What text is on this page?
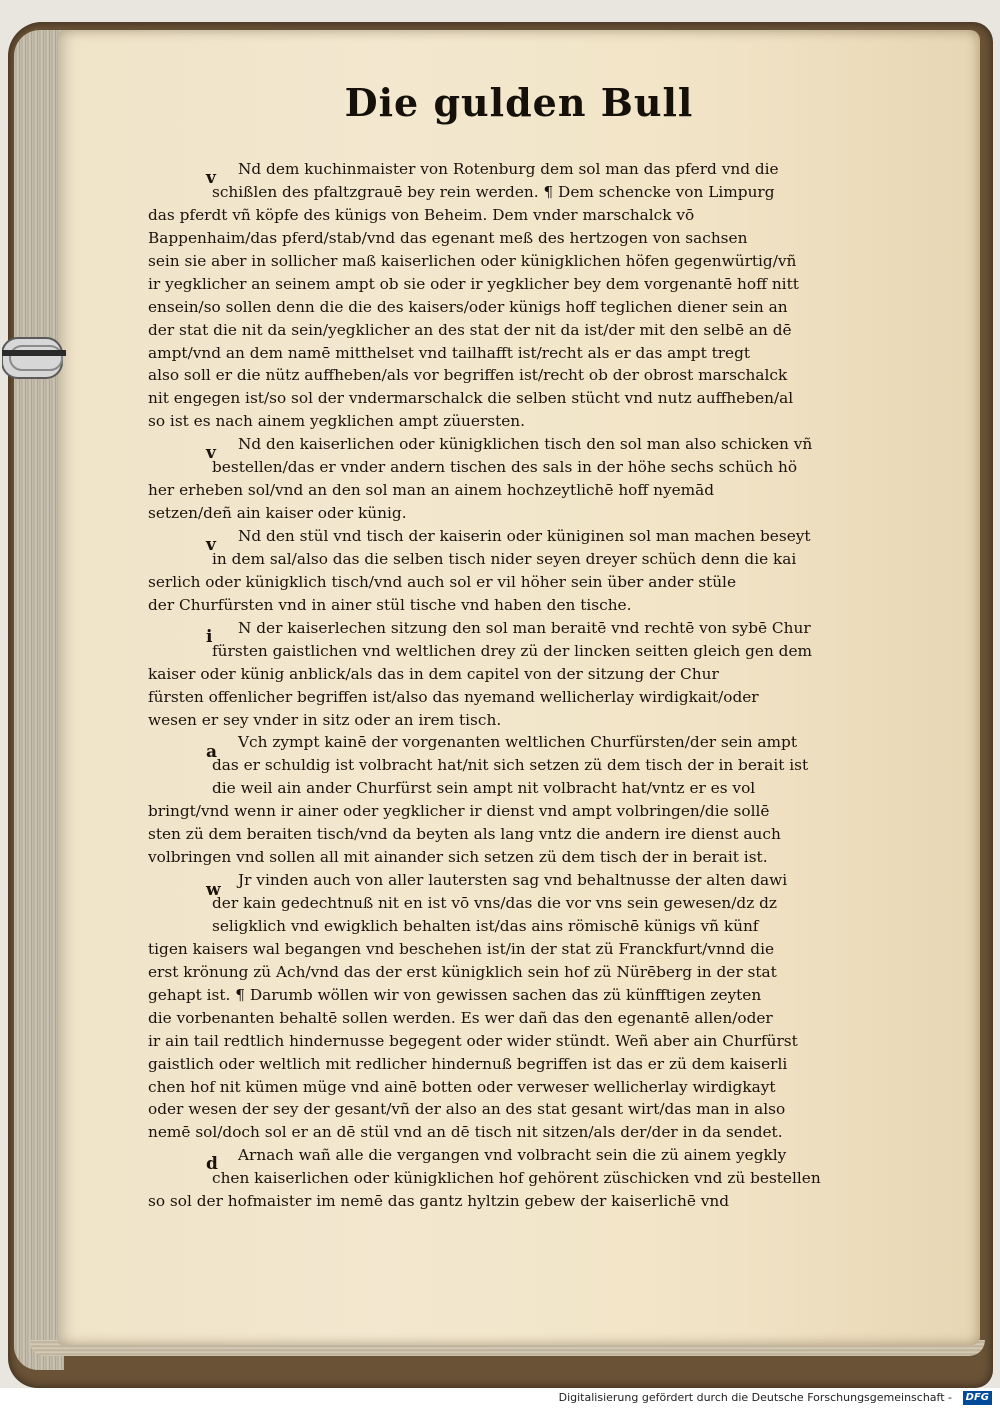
Die gulden Bull
Nd dem kuchinmaister von Rotenburg dem sol man das pferd vnd die
schißlen des pfaltzgrauē bey rein werden. ¶ Dem schencke von Limpurg
das pferdt vñ köpfe des künigs von Beheim. Dem vnder marschalck vō
Bappenhaim/das pferd/stab/vnd das egenant meß des hertzogen von sachsen
sein sie aber in sollicher maß kaiserlichen oder künigklichen höfen gegenwürtig/vñ
ir yegklicher an seinem ampt ob sie oder ir yegklicher bey dem vorgenantē hoff nitt
ensein/so sollen denn die die des kaisers/oder künigs hoff teglichen diener sein an
der stat die nit da sein/yegklicher an des stat der nit da ist/der mit den selbē an dē
ampt/vnd an dem namē mitthelset vnd tailhafft ist/recht als er das ampt tregt
also soll er die nütz auffheben/als vor begriffen ist/recht ob der obrost marschalck
nit engegen ist/so sol der vndermarschalck die selben stücht vnd nutz auffheben/al
so ist es nach ainem yegklichen ampt züuersten.
Nd den kaiserlichen oder künigklichen tisch den sol man also schicken vñ
bestellen/das er vnder andern tischen des sals in der höhe sechs schüch hö
her erheben sol/vnd an den sol man an ainem hochzeytlichē hoff nyemād
setzen/deñ ain kaiser oder künig.
Nd den stül vnd tisch der kaiserin oder küniginen sol man machen beseyt
in dem sal/also das die selben tisch nider seyen dreyer schüch denn die kai
serlich oder künigklich tisch/vnd auch sol er vil höher sein über ander stüle
der Churfürsten vnd in ainer stül tische vnd haben den tische.
N der kaiserlechen sitzung den sol man beraitē vnd rechtē von sybē Chur
fürsten gaistlichen vnd weltlichen drey zü der lincken seitten gleich gen dem
kaiser oder künig anblick/als das in dem capitel von der sitzung der Chur
fürsten offenlicher begriffen ist/also das nyemand wellicherlay wirdigkait/oder
wesen er sey vnder in sitz oder an irem tisch.
Vch zympt kainē der vorgenanten weltlichen Churfürsten/der sein ampt
das er schuldig ist volbracht hat/nit sich setzen zü dem tisch der in berait ist
die weil ain ander Churfürst sein ampt nit volbracht hat/vntz er es vol
bringt/vnd wenn ir ainer oder yegklicher ir dienst vnd ampt volbringen/die sollē
sten zü dem beraiten tisch/vnd da beyten als lang vntz die andern ire dienst auch
volbringen vnd sollen all mit ainander sich setzen zü dem tisch der in berait ist.
Jr vinden auch von aller lautersten sag vnd behaltnusse der alten dawi
der kain gedechtnuß nit en ist vō vns/das die vor vns sein gewesen/dz dz
seligklich vnd ewigklich behalten ist/das ains römischē künigs vñ künf
tigen kaisers wal begangen vnd beschehen ist/in der stat zü Franckfurt/vnnd die
erst krönung zü Ach/vnd das der erst künigklich sein hof zü Nürēberg in der stat
gehapt ist. ¶ Darumb wöllen wir von gewissen sachen das zü künfftigen zeyten
die vorbenanten behaltē sollen werden. Es wer dañ das den egenantē allen/oder
ir ain tail redtlich hindernusse begegent oder wider stündt. Weñ aber ain Churfürst
gaistlich oder weltlich mit redlicher hindernuß begriffen ist das er zü dem kaiserli
chen hof nit kümen müge vnd ainē botten oder verweser wellicherlay wirdigkayt
oder wesen der sey der gesant/vñ der also an des stat gesant wirt/das man in also
nemē sol/doch sol er an dē stül vnd an dē tisch nit sitzen/als der/der in da sendet.
Arnach wañ alle die vergangen vnd volbracht sein die zü ainem yegkly
chen kaiserlichen oder künigklichen hof gehörent züschicken vnd zü bestellen
so sol der hofmaister im nemē das gantz hyltzin gebew der kaiserlichē vnd
v
v
v
i
a
w
d
Digitalisierung gefördert durch die Deutsche Forschungsgemeinschaft -	DFG
